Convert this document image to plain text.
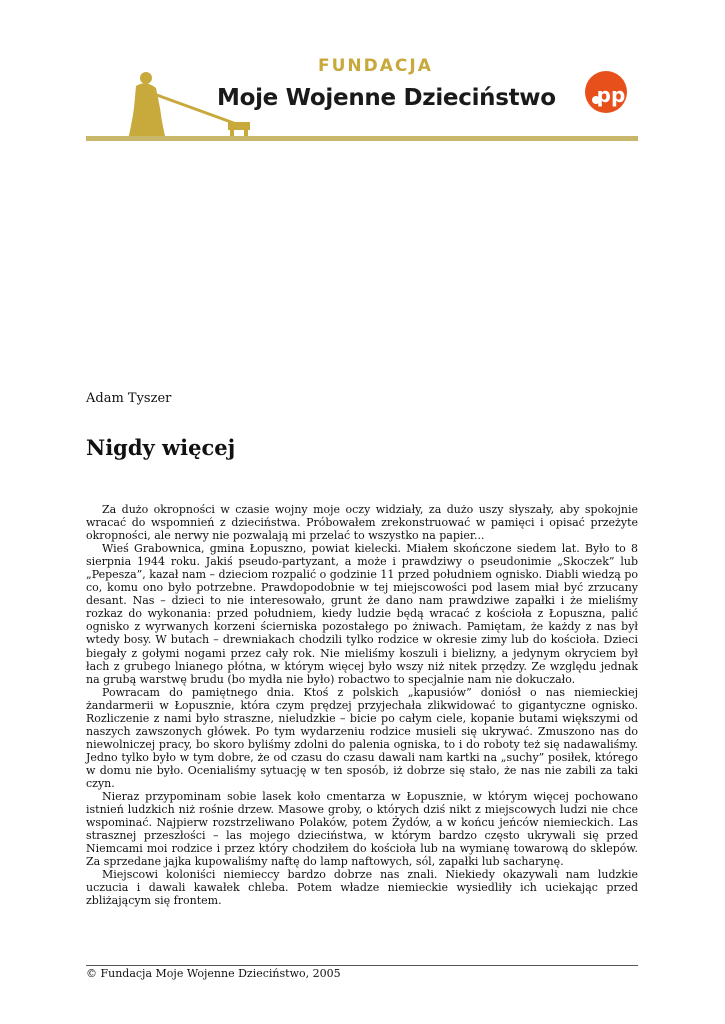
FUNDACJA
Moje Wojenne Dzieciństwo pp
Adam Tyszer
Nigdy więcej

Za dużo okropności w czasie wojny moje oczy widziały, za dużo uszy słyszały, aby spokojnie wracać do wspomnień z dzieciństwa. Próbowałem zrekonstruować w pamięci i opisać przeżyte okropności, ale nerwy nie pozwalają mi przelać to wszystko na papier...

Wieś Grabownica, gmina Łopuszno, powiat kielecki. Miałem skończone siedem lat. Było to 8 sierpnia 1944 roku. Jakiś pseudo-partyzant, a może i prawdziwy o pseudonimie „Skoczek” lub „Pepesza”, kazał nam – dzieciom rozpalić o godzinie 11 przed południem ognisko. Diabli wiedzą po co, komu ono było potrzebne. Prawdopodobnie w tej miejscowości pod lasem miał być zrzucany desant. Nas – dzieci to nie interesowało, grunt że dano nam prawdziwe zapałki i że mieliśmy rozkaz do wykonania: przed południem, kiedy ludzie będą wracać z kościoła z Łopuszna, palić ognisko z wyrwanych korzeni ścierniska pozostałego po żniwach. Pamiętam, że każdy z nas był wtedy bosy. W butach – drewniakach chodzili tylko rodzice w okresie zimy lub do kościoła. Dzieci biegały z gołymi nogami przez cały rok. Nie mieliśmy koszuli i bielizny, a jedynym okryciem był łach z grubego lnianego płótna, w którym więcej było wszy niż nitek przędzy. Ze względu jednak na grubą warstwę brudu (bo mydła nie było) robactwo to specjalnie nam nie dokuczało.

Powracam do pamiętnego dnia. Ktoś z polskich „kapusiów” doniósł o nas niemieckiej żandarmerii w Łopusznie, która czym prędzej przyjechała zlikwidować to gigantyczne ognisko. Rozliczenie z nami było straszne, nieludzkie – bicie po całym ciele, kopanie butami większymi od naszych zawszonych główek. Po tym wydarzeniu rodzice musieli się ukrywać. Zmuszono nas do niewolniczej pracy, bo skoro byliśmy zdolni do palenia ogniska, to i do roboty też się nadawaliśmy. Jedno tylko było w tym dobre, że od czasu do czasu dawali nam kartki na „suchy” posiłek, którego w domu nie było. Ocenialiśmy sytuację w ten sposób, iż dobrze się stało, że nas nie zabili za taki czyn.

Nieraz przypominam sobie lasek koło cmentarza w Łopusznie, w którym więcej pochowano istnień ludzkich niż rośnie drzew. Masowe groby, o których dziś nikt z miejscowych ludzi nie chce wspominać. Najpierw rozstrzeliwano Polaków, potem Żydów, a w końcu jeńców niemieckich. Las strasznej przeszłości – las mojego dzieciństwa, w którym bardzo często ukrywali się przed Niemcami moi rodzice i przez który chodziłem do kościoła lub na wymianę towarową do sklepów. Za sprzedane jajka kupowaliśmy naftę do lamp naftowych, sól, zapałki lub sacharynę.

Miejscowi koloniści niemieccy bardzo dobrze nas znali. Niekiedy okazywali nam ludzkie uczucia i dawali kawałek chleba. Potem władze niemieckie wysiedliły ich uciekając przed zbliżającym się frontem.

© Fundacja Moje Wojenne Dzieciństwo, 2005
